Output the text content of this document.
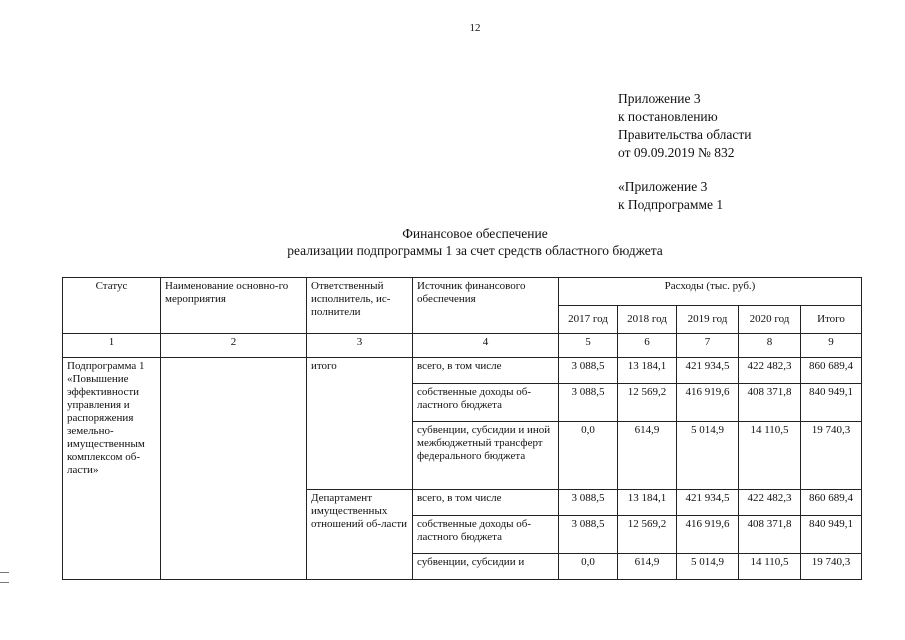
12
Приложение 3
к постановлению
Правительства области
от 09.09.2019 № 832
«Приложение 3
к Подпрограмме 1
Финансовое обеспечение
реализации подпрограммы 1 за счет средств областного бюджета
Статус	Наименование основно-го мероприятия	Ответственный исполнитель, ис-полнители	Источник финансового обеспечения	Расходы (тыс. руб.)				
				2017 год	2018 год	2019 год	2020 год	Итого
1	2	3	4	5	6	7	8	9
Подпрограмма 1 «Повышение эффективности управления и распоряжения земельно-имущественным комплексом об-ласти»		итого	всего, в том числе	3 088,5	13 184,1	421 934,5	422 482,3	860 689,4
			собственные доходы об-ластного бюджета	3 088,5	12 569,2	416 919,6	408 371,8	840 949,1
			субвенции, субсидии и иной межбюджетный трансферт федерального бюджета	0,0	614,9	5 014,9	14 110,5	19 740,3
		Департамент имущественных отношений об-ласти	всего, в том числе	3 088,5	13 184,1	421 934,5	422 482,3	860 689,4
			собственные доходы об-ластного бюджета	3 088,5	12 569,2	416 919,6	408 371,8	840 949,1
			субвенции, субсидии и	0,0	614,9	5 014,9	14 110,5	19 740,3
